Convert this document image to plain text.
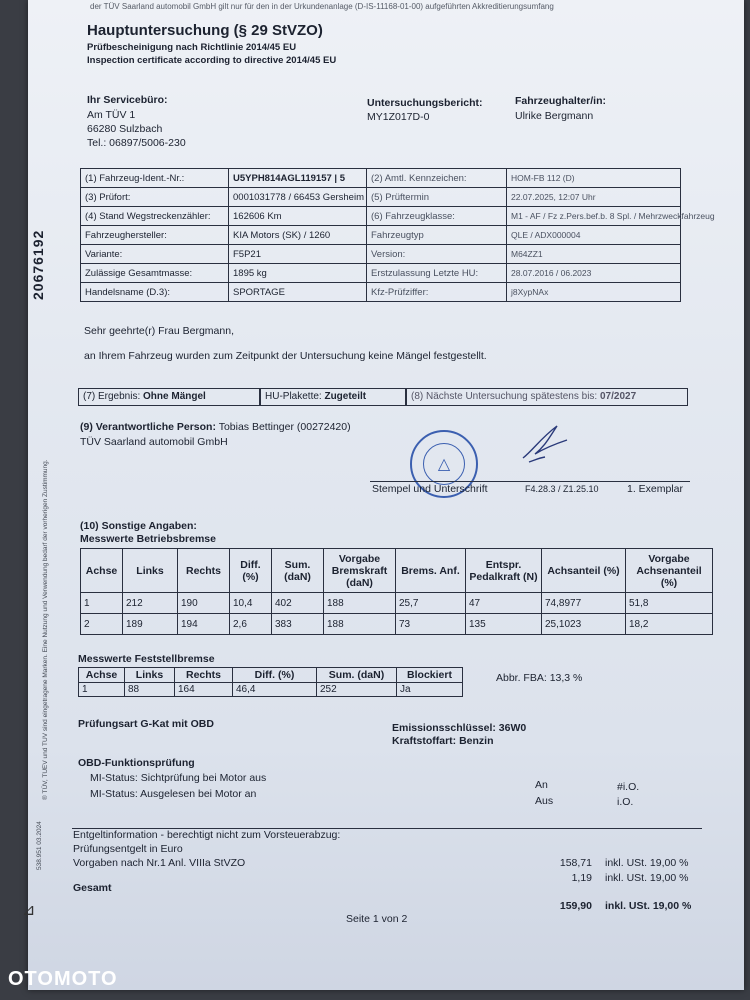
der TÜV Saarland automobil GmbH gilt nur für den in der Urkundenanlage (D-IS-11168-01-00) aufgeführten Akkreditierungsumfang
Hauptuntersuchung (§ 29 StVZO)
Prüfbescheinigung nach Richtlinie 2014/45 EU
Inspection certificate according to directive 2014/45 EU
20676192
® TÜV, TUEV und TUV sind eingetragene Marken. Eine Nutzung und Verwendung bedarf der vorherigen Zustimmung.
538.951 03.2024
⊿
Ihr Servicebüro:
Am TÜV 1
66280 Sulzbach
Tel.: 06897/5006-230
Untersuchungsbericht:
MY1Z017D-0
Fahrzeughalter/in:
Ulrike Bergmann
(1) Fahrzeug-Ident.-Nr.:	U5YPH814AGL119157 | 5	(2) Amtl. Kennzeichen:	HOM-FB 112 (D)
(3) Prüfort:	0001031778 / 66453 Gersheim	(5) Prüftermin	22.07.2025, 12:07 Uhr
(4) Stand Wegstreckenzähler:	162606 Km	(6) Fahrzeugklasse:	M1 - AF / Fz z.Pers.bef.b. 8 Spl. / Mehrzweckfahrzeug
Fahrzeughersteller:	KIA Motors (SK) / 1260	Fahrzeugtyp	QLE / ADX000004
Variante:	F5P21	Version:	M64ZZ1
Zulässige Gesamtmasse:	1895 kg	Erstzulassung Letzte HU:	28.07.2016 / 06.2023
Handelsname (D.3):	SPORTAGE	Kfz-Prüfziffer:	j8XypNAx
Sehr geehrte(r) Frau Bergmann,
an Ihrem Fahrzeug wurden zum Zeitpunkt der Untersuchung keine Mängel festgestellt.
(7) Ergebnis: Ohne Mängel	HU-Plakette: Zugeteilt	(8) Nächste Untersuchung spätestens bis: 07/2027
(9) Verantwortliche Person: Tobias Bettinger (00272420)
TÜV Saarland automobil GmbH
△
Stempel und Unterschrift	F4.28.3 / Z1.25.10	1. Exemplar
(10) Sonstige Angaben:
Messwerte Betriebsbremse
Achse	Links	Rechts	Diff. (%)	Sum. (daN)	Vorgabe Bremskraft (daN)	Brems. Anf.	Entspr. Pedalkraft (N)	Achsanteil (%)	Vorgabe Achsenanteil (%)
1	212	190	10,4	402	188	25,7	47	74,8977	51,8
2	189	194	2,6	383	188	73	135	25,1023	18,2
Messwerte Feststellbremse
Achse	Links	Rechts	Diff. (%)	Sum. (daN)	Blockiert
1	88	164	46,4	252	Ja
Abbr. FBA: 13,3 %
Prüfungsart G-Kat mit OBD	Emissionsschlüssel: 36W0
Kraftstoffart: Benzin
OBD-Funktionsprüfung
MI-Status: Sichtprüfung bei Motor aus
MI-Status: Ausgelesen bei Motor an
An
Aus
#i.O.
i.O.
Entgeltinformation - berechtigt nicht zum Vorsteuerabzug:
Prüfungsentgelt in Euro
Vorgaben nach Nr.1 Anl. VIIIa StVZO	158,71 inkl. USt. 19,00 %
1,19 inkl. USt. 19,00 %
Gesamt
159,90 inkl. USt. 19,00 %
Seite 1 von 2
OTOMOTO
